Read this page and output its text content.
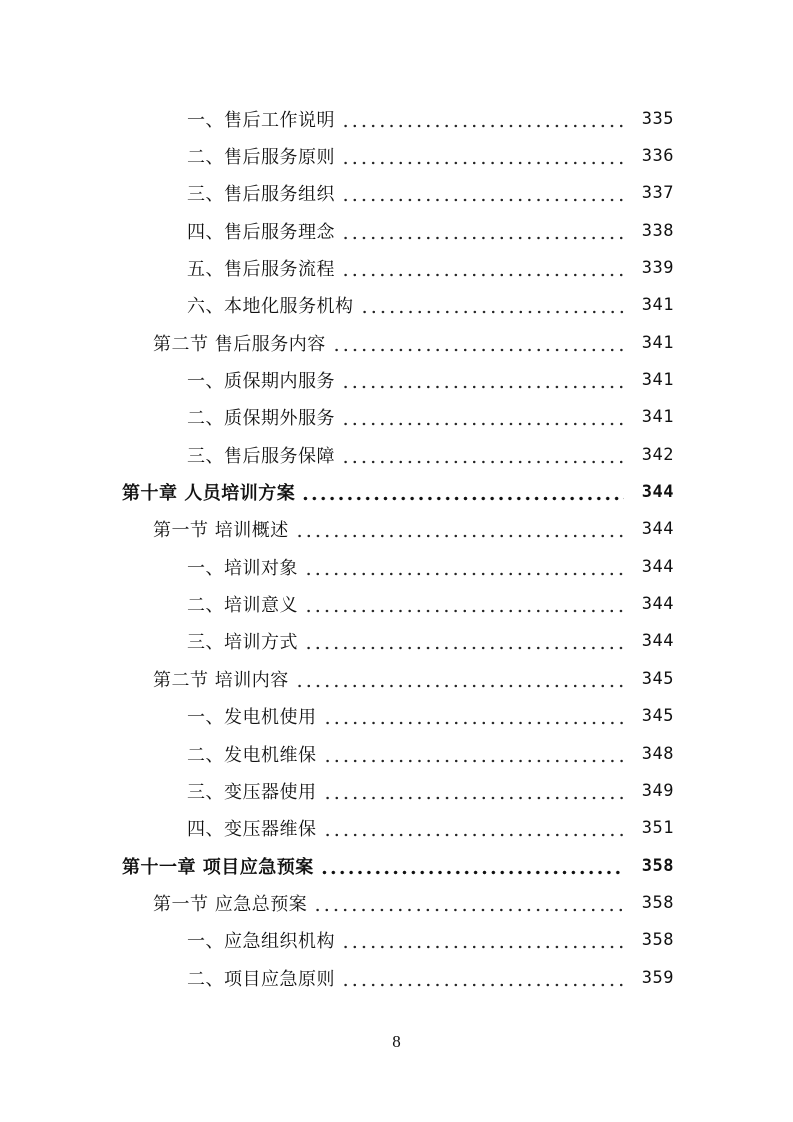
一、售后工作说明	335
二、售后服务原则	336
三、售后服务组织	337
四、售后服务理念	338
五、售后服务流程	339
六、本地化服务机构	341
第二节 售后服务内容	341
一、质保期内服务	341
二、质保期外服务	341
三、售后服务保障	342
第十章 人员培训方案	344
第一节 培训概述	344
一、培训对象	344
二、培训意义	344
三、培训方式	344
第二节 培训内容	345
一、发电机使用	345
二、发电机维保	348
三、变压器使用	349
四、变压器维保	351
第十一章 项目应急预案	358
第一节 应急总预案	358
一、应急组织机构	358
二、项目应急原则	359
8
